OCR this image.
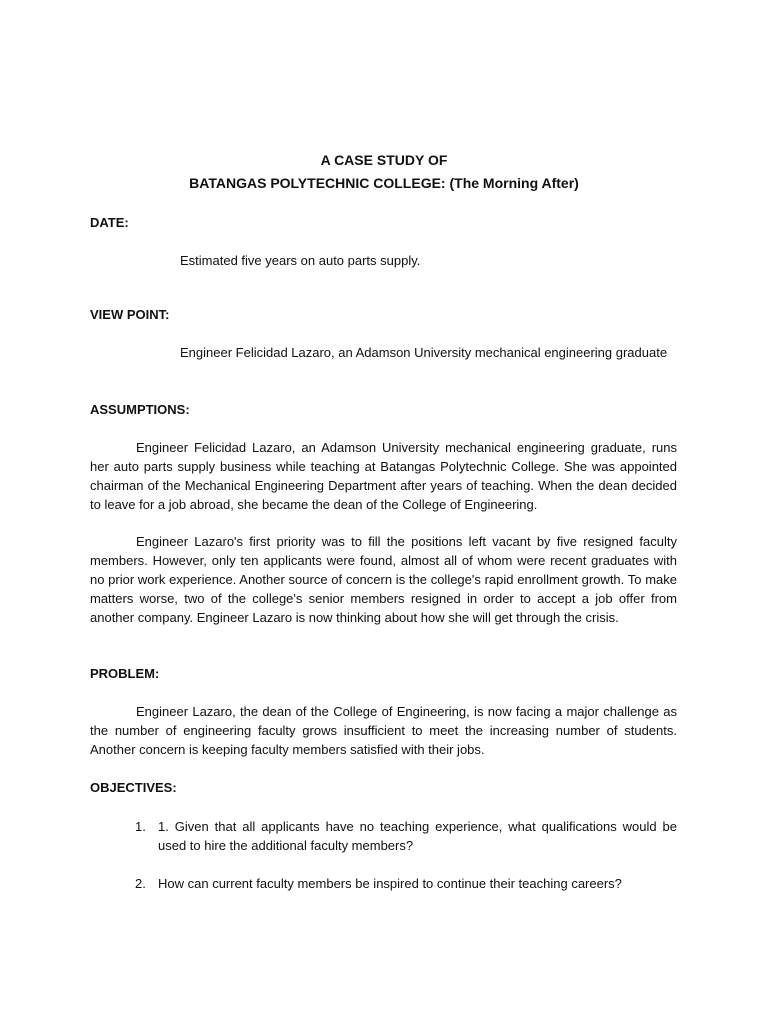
A CASE STUDY OF
BATANGAS POLYTECHNIC COLLEGE: (The Morning After)
DATE:
Estimated five years on auto parts supply.
VIEW POINT:
Engineer Felicidad Lazaro, an Adamson University mechanical engineering graduate
ASSUMPTIONS:
Engineer Felicidad Lazaro, an Adamson University mechanical engineering graduate, runs her auto parts supply business while teaching at Batangas Polytechnic College. She was appointed chairman of the Mechanical Engineering Department after years of teaching. When the dean decided to leave for a job abroad, she became the dean of the College of Engineering.
Engineer Lazaro's first priority was to fill the positions left vacant by five resigned faculty members. However, only ten applicants were found, almost all of whom were recent graduates with no prior work experience. Another source of concern is the college's rapid enrollment growth. To make matters worse, two of the college's senior members resigned in order to accept a job offer from another company. Engineer Lazaro is now thinking about how she will get through the crisis.
PROBLEM:
Engineer Lazaro, the dean of the College of Engineering, is now facing a major challenge as the number of engineering faculty grows insufficient to meet the increasing number of students. Another concern is keeping faculty members satisfied with their jobs.
OBJECTIVES:
1. 1. Given that all applicants have no teaching experience, what qualifications would be used to hire the additional faculty members?
2. How can current faculty members be inspired to continue their teaching careers?
